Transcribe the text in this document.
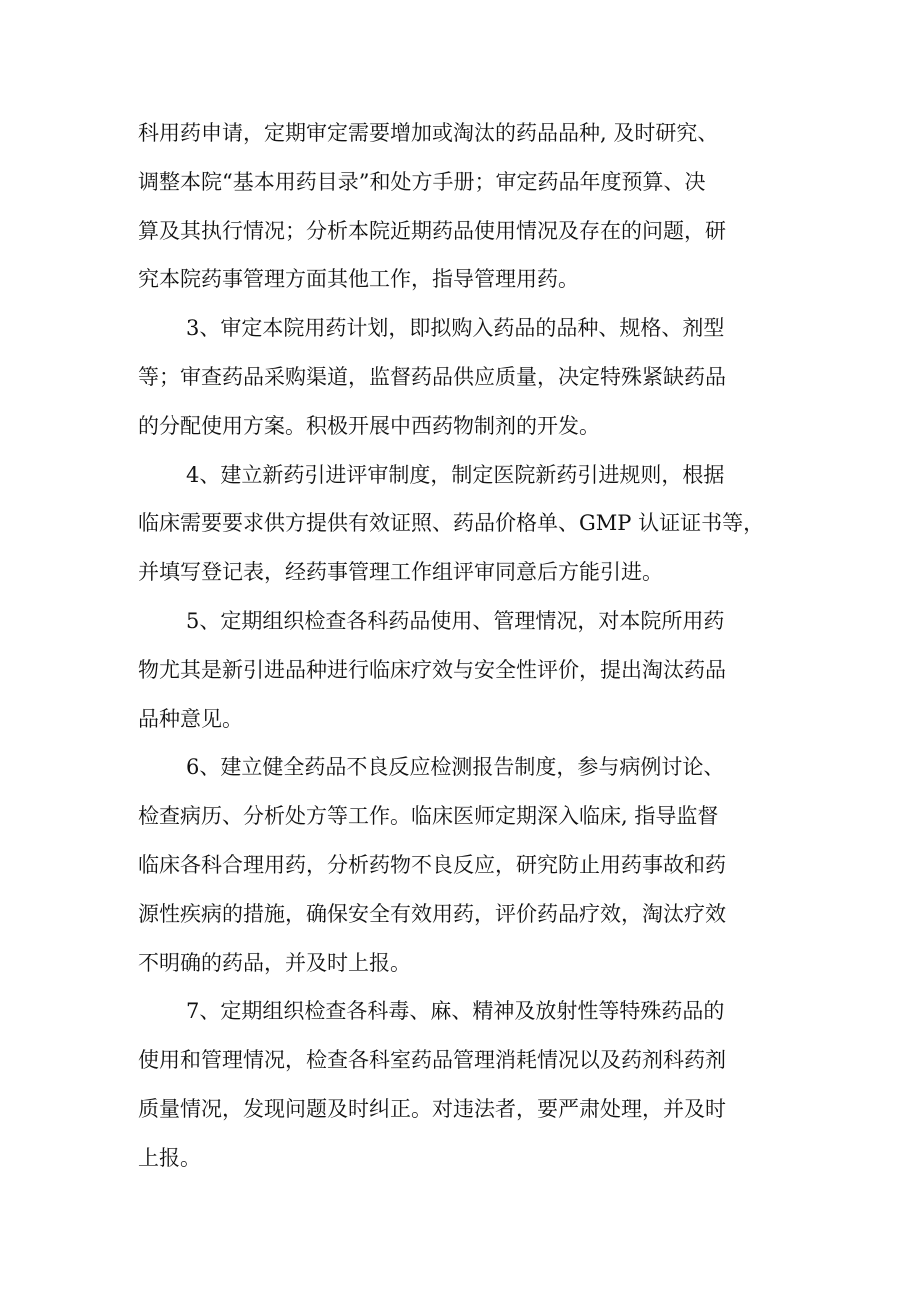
科用药申请，定期审定需要增加或淘汰的药品品种, 及时研究、
调整本院“基本用药目录”和处方手册；审定药品年度预算、决
算及其执行情况；分析本院近期药品使用情况及存在的问题，研
究本院药事管理方面其他工作，指导管理用药。
3、审定本院用药计划，即拟购入药品的品种、规格、剂型
等；审查药品采购渠道，监督药品供应质量，决定特殊紧缺药品
的分配使用方案。积极开展中西药物制剂的开发。
4、建立新药引进评审制度，制定医院新药引进规则，根据
临床需要要求供方提供有效证照、药品价格单、GMP 认证证书等，
并填写登记表，经药事管理工作组评审同意后方能引进。
5、定期组织检查各科药品使用、管理情况，对本院所用药
物尤其是新引进品种进行临床疗效与安全性评价，提出淘汰药品
品种意见。
6、建立健全药品不良反应检测报告制度，参与病例讨论、
检查病历、分析处方等工作。临床医师定期深入临床, 指导监督
临床各科合理用药，分析药物不良反应，研究防止用药事故和药
源性疾病的措施，确保安全有效用药，评价药品疗效，淘汰疗效
不明确的药品，并及时上报。
7、定期组织检查各科毒、麻、精神及放射性等特殊药品的
使用和管理情况，检查各科室药品管理消耗情况以及药剂科药剂
质量情况，发现问题及时纠正。对违法者，要严肃处理，并及时
上报。
